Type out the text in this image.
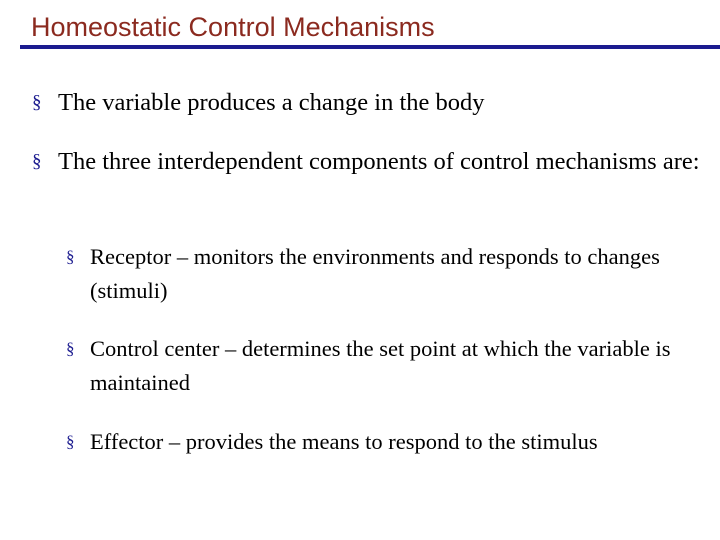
Homeostatic Control Mechanisms
§ The variable produces a change in the body
§ The three interdependent components of control mechanisms are:
§ Receptor – monitors the environments and responds to changes (stimuli)
§ Control center – determines the set point at which the variable is maintained
§ Effector – provides the means to respond to the stimulus
